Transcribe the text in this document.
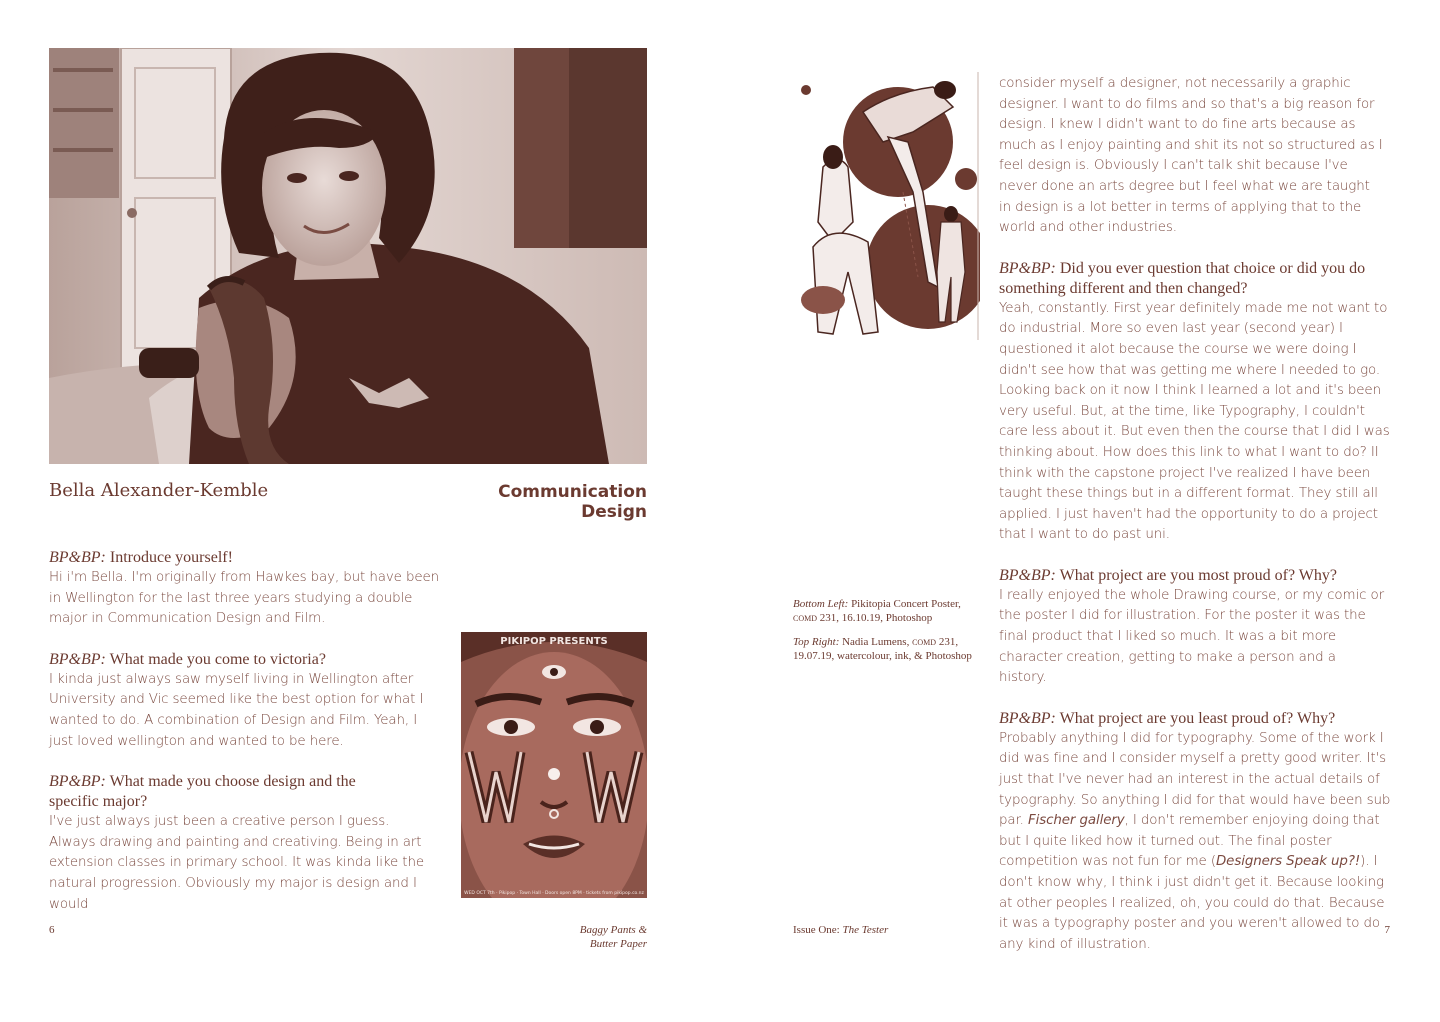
Bella Alexander-Kemble	Communication Design
BP&BP: Introduce yourself!
Hi i'm Bella. I'm originally from Hawkes bay, but have been in Wellington for the last three years studying a double major in Communication Design and Film.
BP&BP: What made you come to victoria?
I kinda just always saw myself living in Wellington after University and Vic seemed like the best option for what I wanted to do. A combination of Design and Film. Yeah, I just loved wellington and wanted to be here.
BP&BP: What made you choose design and the specific major?
I've just always just been a creative person I guess. Always drawing and painting and creativing. Being in art extension classes in primary school. It was kinda like the natural progression. Obviously my major is design and I would
PIKIPOP PRESENTS
WED OCT 7th · Pikipop · Town Hall · Doors open 8PM · tickets from pikipop.co.nz
consider myself a designer, not necessarily a graphic designer. I want to do films and so that's a big reason for design. I knew I didn't want to do fine arts because as much as I enjoy painting and shit its not so structured as I feel design is. Obviously I can't talk shit because I've never done an arts degree but I feel what we are taught in design is a lot better in terms of applying that to the world and other industries.
BP&BP: Did you ever question that choice or did you do something different and then changed?
Yeah, constantly. First year definitely made me not want to do industrial. More so even last year (second year) I questioned it alot because the course we were doing I didn't see how that was getting me where I needed to go. Looking back on it now I think I learned a lot and it's been very useful. But, at the time, like Typography, I couldn't care less about it. But even then the course that I did I was thinking about. How does this link to what I want to do? II think with the capstone project I've realized I have been taught these things but in a different format. They still all applied. I just haven't had the opportunity to do a project that I want to do past uni.
BP&BP: What project are you most proud of? Why?
I really enjoyed the whole Drawing course, or my comic or the poster I did for illustration. For the poster it was the final product that I liked so much. It was a bit more character creation, getting to make a person and a history.
BP&BP: What project are you least proud of? Why?
Probably anything I did for typography. Some of the work I did was fine and I consider myself a pretty good writer. It's just that I've never had an interest in the actual details of typography. So anything I did for that would have been sub par. Fischer gallery, I don't remember enjoying doing that but I quite liked how it turned out. The final poster competition was not fun for me (Designers Speak up?!). I don't know why, I think i just didn't get it. Because looking at other peoples I realized, oh, you could do that. Because it was a typography poster and you weren't allowed to do any kind of illustration.

Bottom Left: Pikitopia Concert Poster, comd 231, 16.10.19, Photoshop

Top Right: Nadia Lumens, comd 231, 19.07.19, watercolour, ink, & Photoshop

6	Baggy Pants &
Butter Paper
Issue One: The Tester	7
